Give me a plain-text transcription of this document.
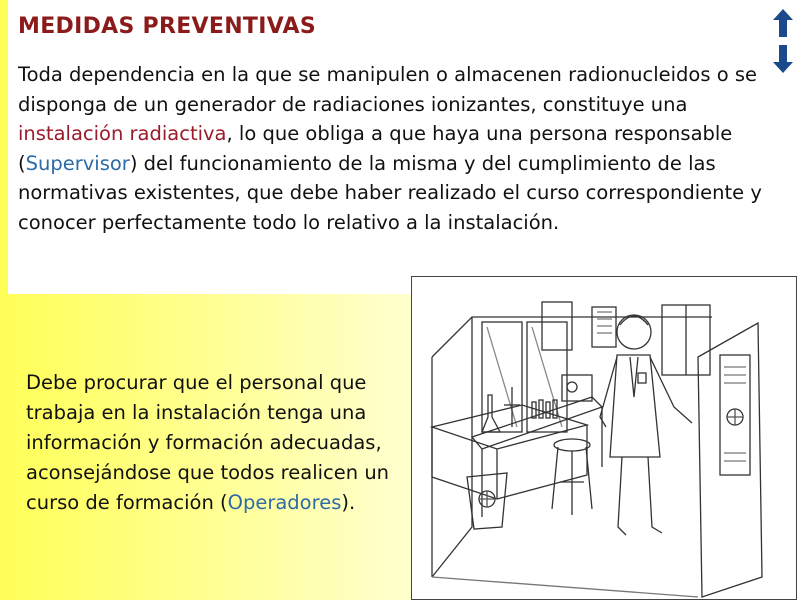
MEDIDAS PREVENTIVAS

Toda dependencia en la que se manipulen o almacenen radionucleidos o se disponga de un generador de radiaciones ionizantes, constituye una instalación radiactiva, lo que obliga a que haya una persona responsable (Supervisor) del funcionamiento de la misma y del cumplimiento de las normativas existentes, que debe haber realizado el curso correspondiente y conocer perfectamente todo lo relativo a la instalación.

Debe procurar que el personal que trabaja en la instalación tenga una información y formación adecuadas, aconsejándose que todos realicen un curso de formación (Operadores).
